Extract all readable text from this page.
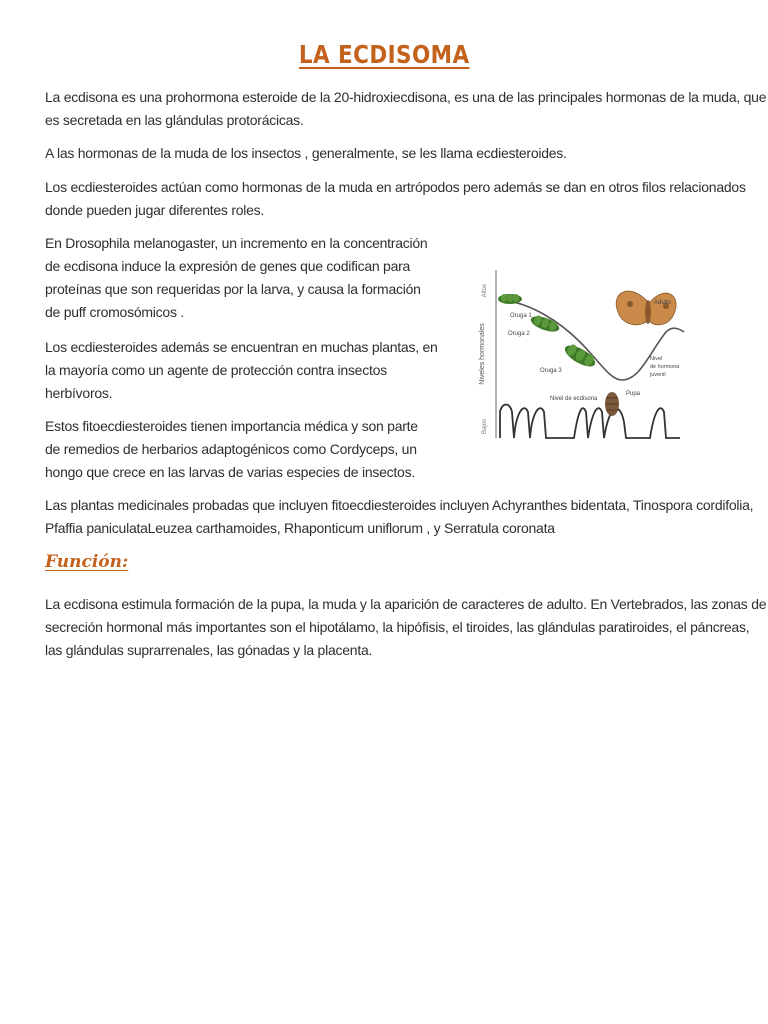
LA ECDISOMA

La ecdisona es una prohormona esteroide de la 20-hidroxiecdisona, es una de las principales hormonas de la muda, que
es secretada en las glándulas protorácicas.

A las hormonas de la muda de los insectos , generalmente, se les llama ecdiesteroides.

Los ecdiesteroides actúan como hormonas de la muda en artrópodos pero además se dan en otros filos relacionados
donde pueden jugar diferentes roles.

En Drosophila melanogaster, un incremento en la concentración
de ecdisona induce la expresión de genes que codifican para
proteínas que son requeridas por la larva, y causa la formación
de puff cromosómicos .

Los ecdiesteroides además se encuentran en muchas plantas, en
la mayoría como un agente de protección contra insectos
herbívoros.

Estos fitoecdiesteroides tienen importancia médica y son parte
de remedios de herbarios adaptogénicos como Cordyceps, un
hongo que crece en las larvas de varias especies de insectos.

Las plantas medicinales probadas que incluyen fitoecdiesteroides incluyen Achyranthes bidentata, Tinospora cordifolia,
Pfaffia paniculataLeuzea carthamoides, Rhaponticum uniflorum , y Serratula coronata

Función:

La ecdisona estimula formación de la pupa, la muda y la aparición de caracteres de adulto. En Vertebrados, las zonas de
secreción hormonal más importantes son el hipotálamo, la hipófisis, el tiroides, las glándulas paratiroides, el páncreas,
las glándulas suprarrenales, las gónadas y la placenta.

Altos
Bajos
Niveles hormonales
Oruga 1
Oruga 2
Oruga 3
Pupa
Adulto
Nivel
de hormona
juvenil
Nivel de ecdisona
